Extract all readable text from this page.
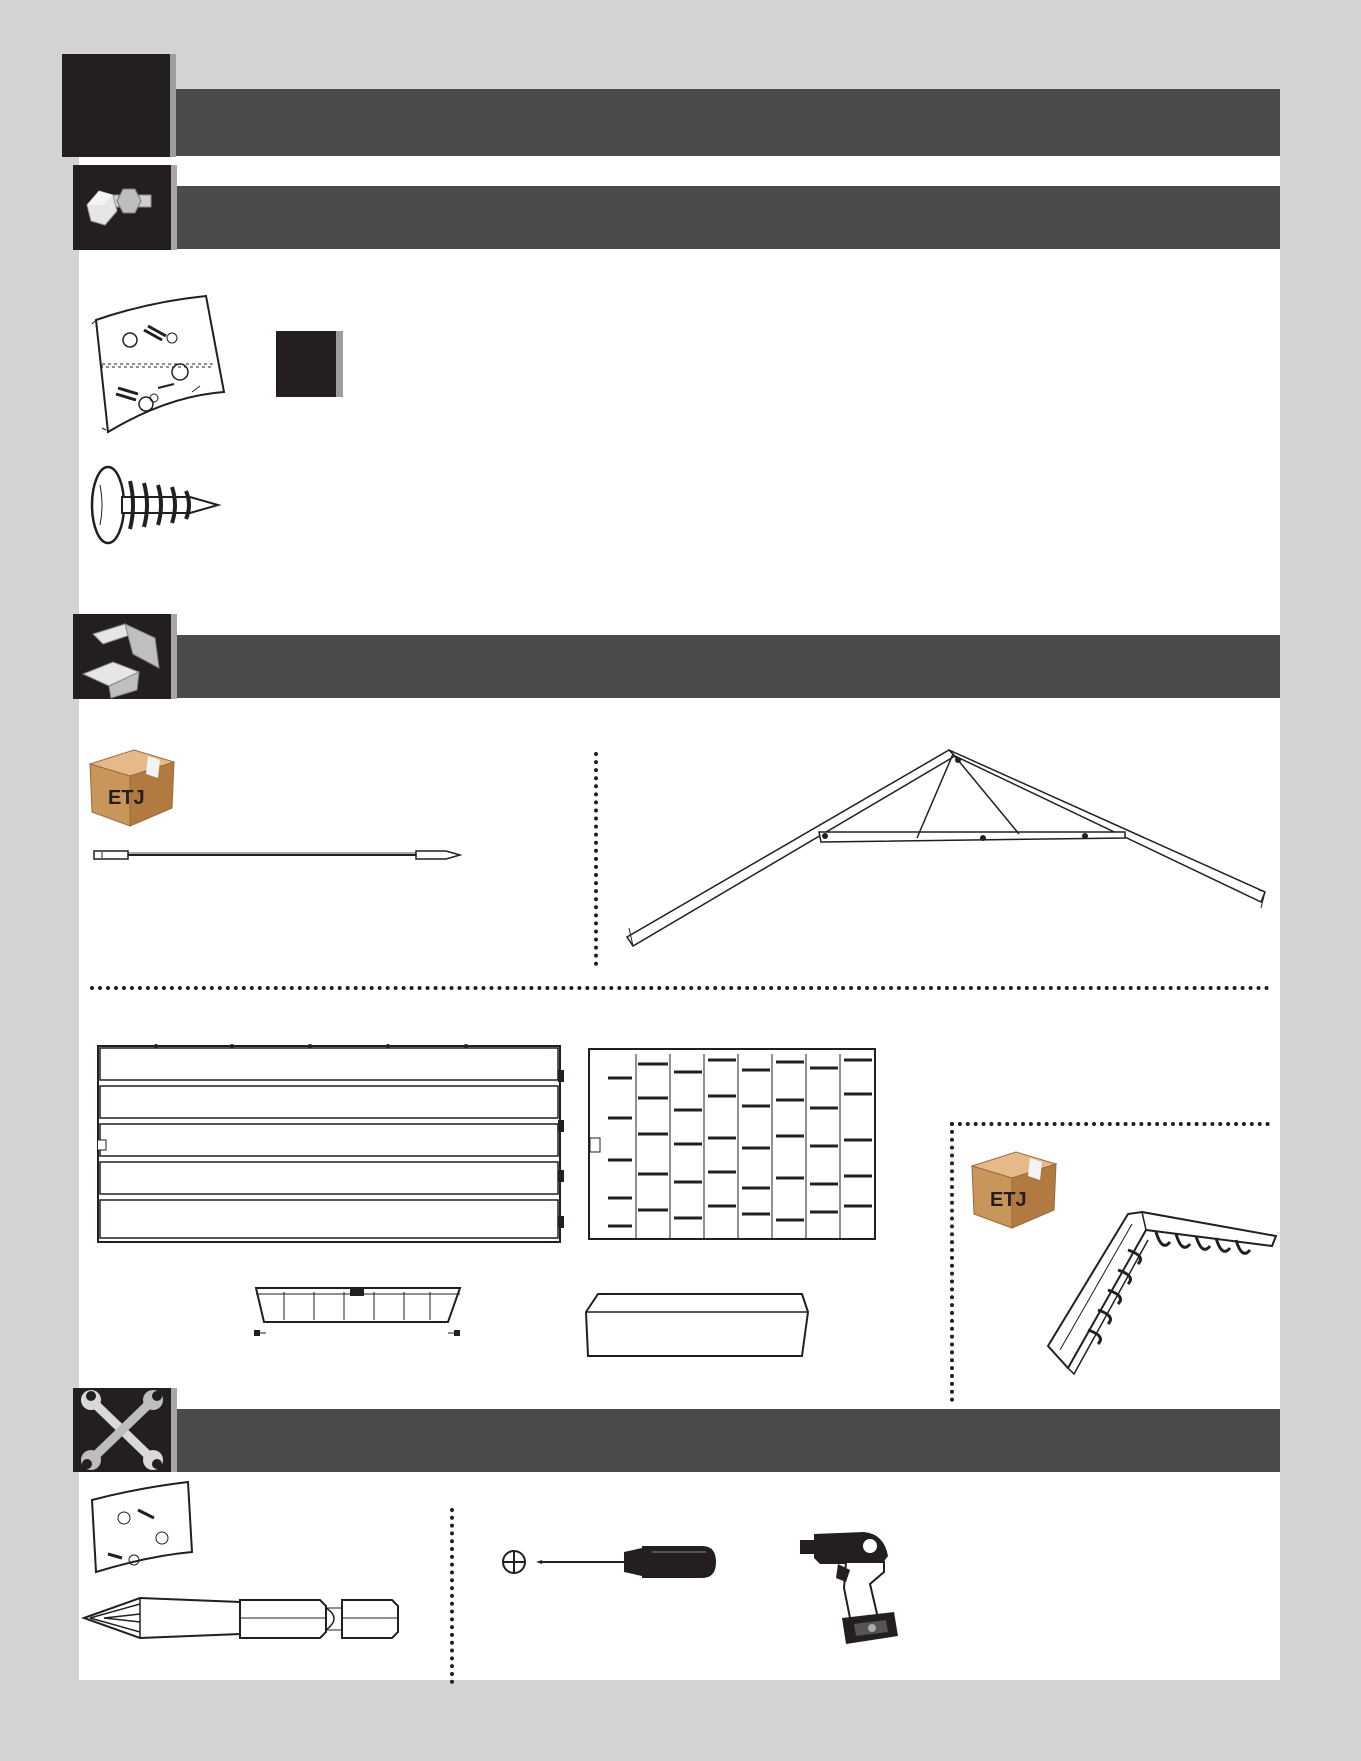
ETJ
ETJ
